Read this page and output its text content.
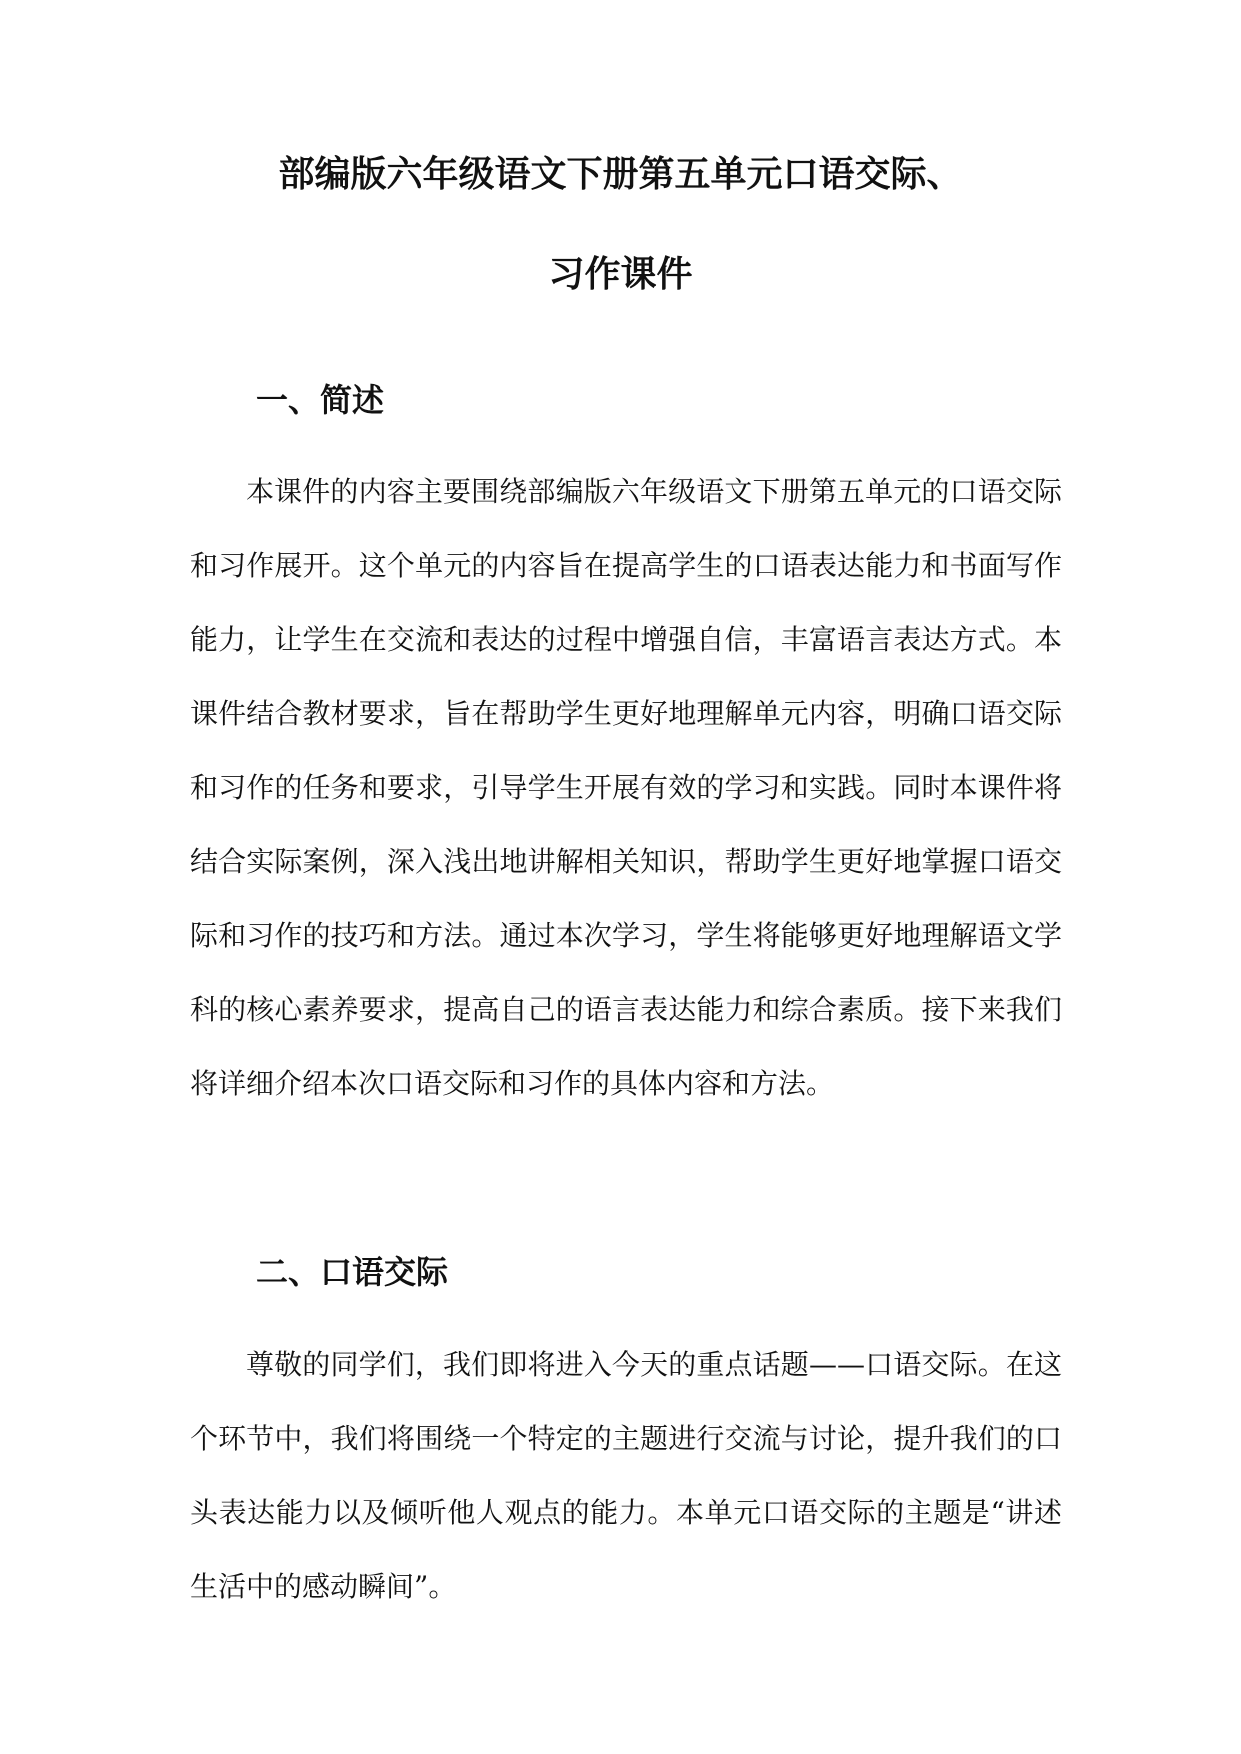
部编版六年级语文下册第五单元口语交际、
习作课件
一、简述

本课件的内容主要围绕部编版六年级语文下册第五单元的口语交际和习作展开。这个单元的内容旨在提高学生的口语表达能力和书面写作能力，让学生在交流和表达的过程中增强自信，丰富语言表达方式。本课件结合教材要求，旨在帮助学生更好地理解单元内容，明确口语交际和习作的任务和要求，引导学生开展有效的学习和实践。同时本课件将结合实际案例，深入浅出地讲解相关知识，帮助学生更好地掌握口语交际和习作的技巧和方法。通过本次学习，学生将能够更好地理解语文学科的核心素养要求，提高自己的语言表达能力和综合素质。接下来我们将详细介绍本次口语交际和习作的具体内容和方法。

二、口语交际

尊敬的同学们，我们即将进入今天的重点话题——口语交际。在这个环节中，我们将围绕一个特定的主题进行交流与讨论，提升我们的口头表达能力以及倾听他人观点的能力。本单元口语交际的主题是“讲述生活中的感动瞬间”。
